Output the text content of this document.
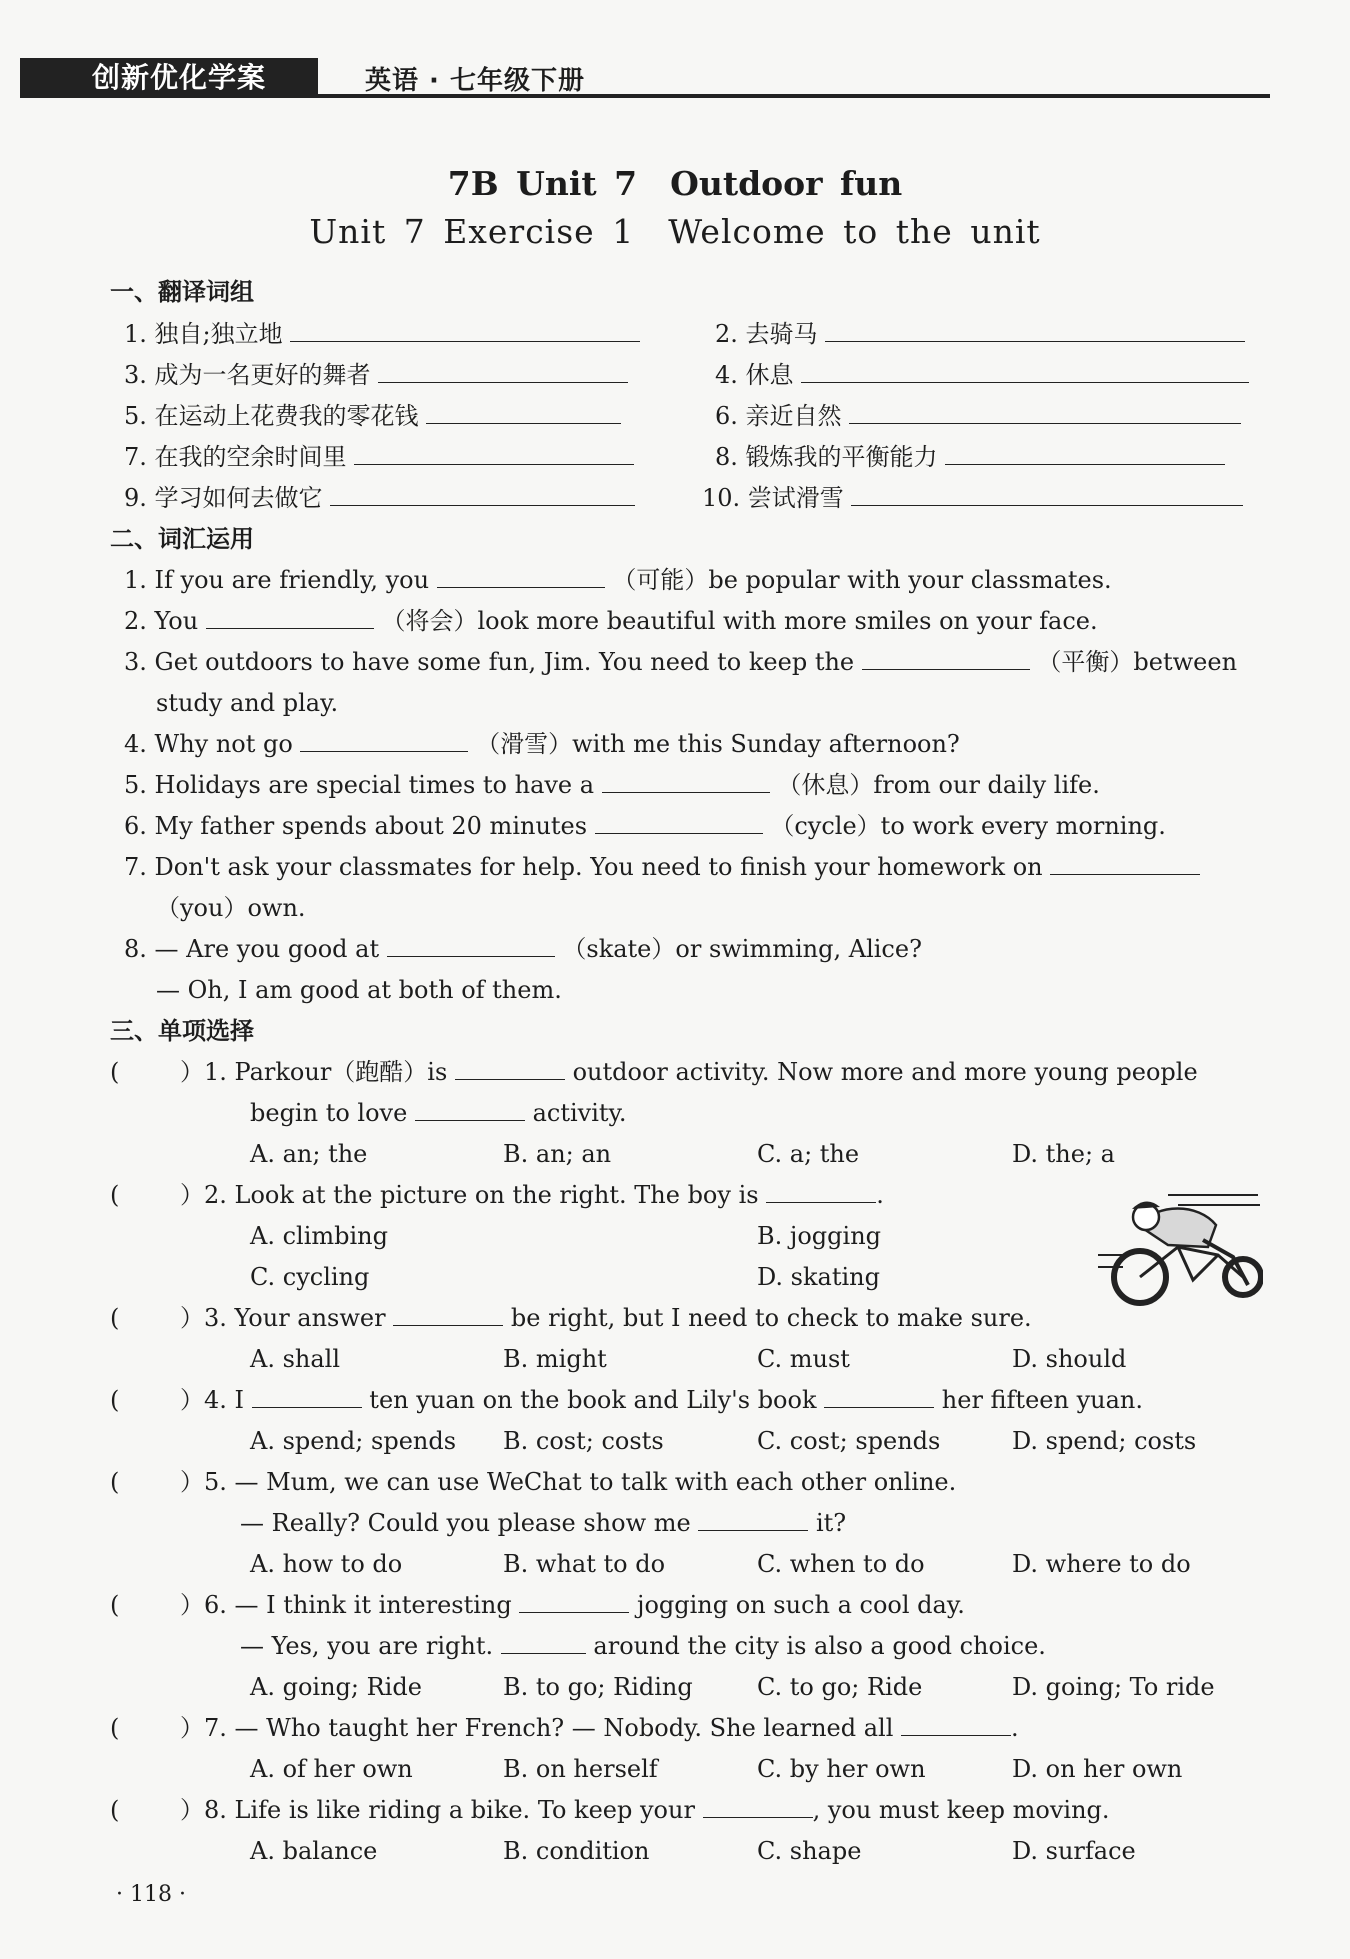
创新优化学案	英语 · 七年级下册
7B Unit 7　Outdoor fun
Unit 7 Exercise 1　Welcome to the unit
一、翻译词组
1. 独自;独立地	2. 去骑马
3. 成为一名更好的舞者	4. 休息
5. 在运动上花费我的零花钱	6. 亲近自然
7. 在我的空余时间里	8. 锻炼我的平衡能力
9. 学习如何去做它	10. 尝试滑雪
二、词汇运用
1. If you are friendly, you	（可能）be popular with your classmates.
2. You	（将会）look more beautiful with more smiles on your face.
3. Get outdoors to have some fun, Jim. You need to keep the	（平衡）between
study and play.
4. Why not go	（滑雪）with me this Sunday afternoon?
5. Holidays are special times to have a	（休息）from our daily life.
6. My father spends about 20 minutes	（cycle）to work every morning.
7. Don't ask your classmates for help. You need to finish your homework on
（you）own.
8. — Are you good at	（skate）or swimming, Alice?
— Oh, I am good at both of them.
三、单项选择
(	）1. Parkour（跑酷）is	outdoor activity. Now more and more young people
begin to love	activity.
A. an; the	B. an; an	C. a; the	D. the; a
(	）2. Look at the picture on the right. The boy is	.
A. climbing	B. jogging
C. cycling	D. skating
(	）3. Your answer	be right, but I need to check to make sure.
A. shall	B. might	C. must	D. should
(	）4. I	ten yuan on the book and Lily's book	her fifteen yuan.
A. spend; spends B. cost; costs	C. cost; spends	D. spend; costs
(	）5. — Mum, we can use WeChat to talk with each other online.
— Really? Could you please show me	it?
A. how to do	B. what to do	C. when to do	D. where to do
(	）6. — I think it interesting	jogging on such a cool day.
— Yes, you are right.	around the city is also a good choice.
A. going; Ride	B. to go; Riding	C. to go; Ride	D. going; To ride
(	）7. — Who taught her French? — Nobody. She learned all	.
A. of her own	B. on herself	C. by her own	D. on her own
(	）8. Life is like riding a bike. To keep your	, you must keep moving.
A. balance	B. condition	C. shape	D. surface
· 118 ·
